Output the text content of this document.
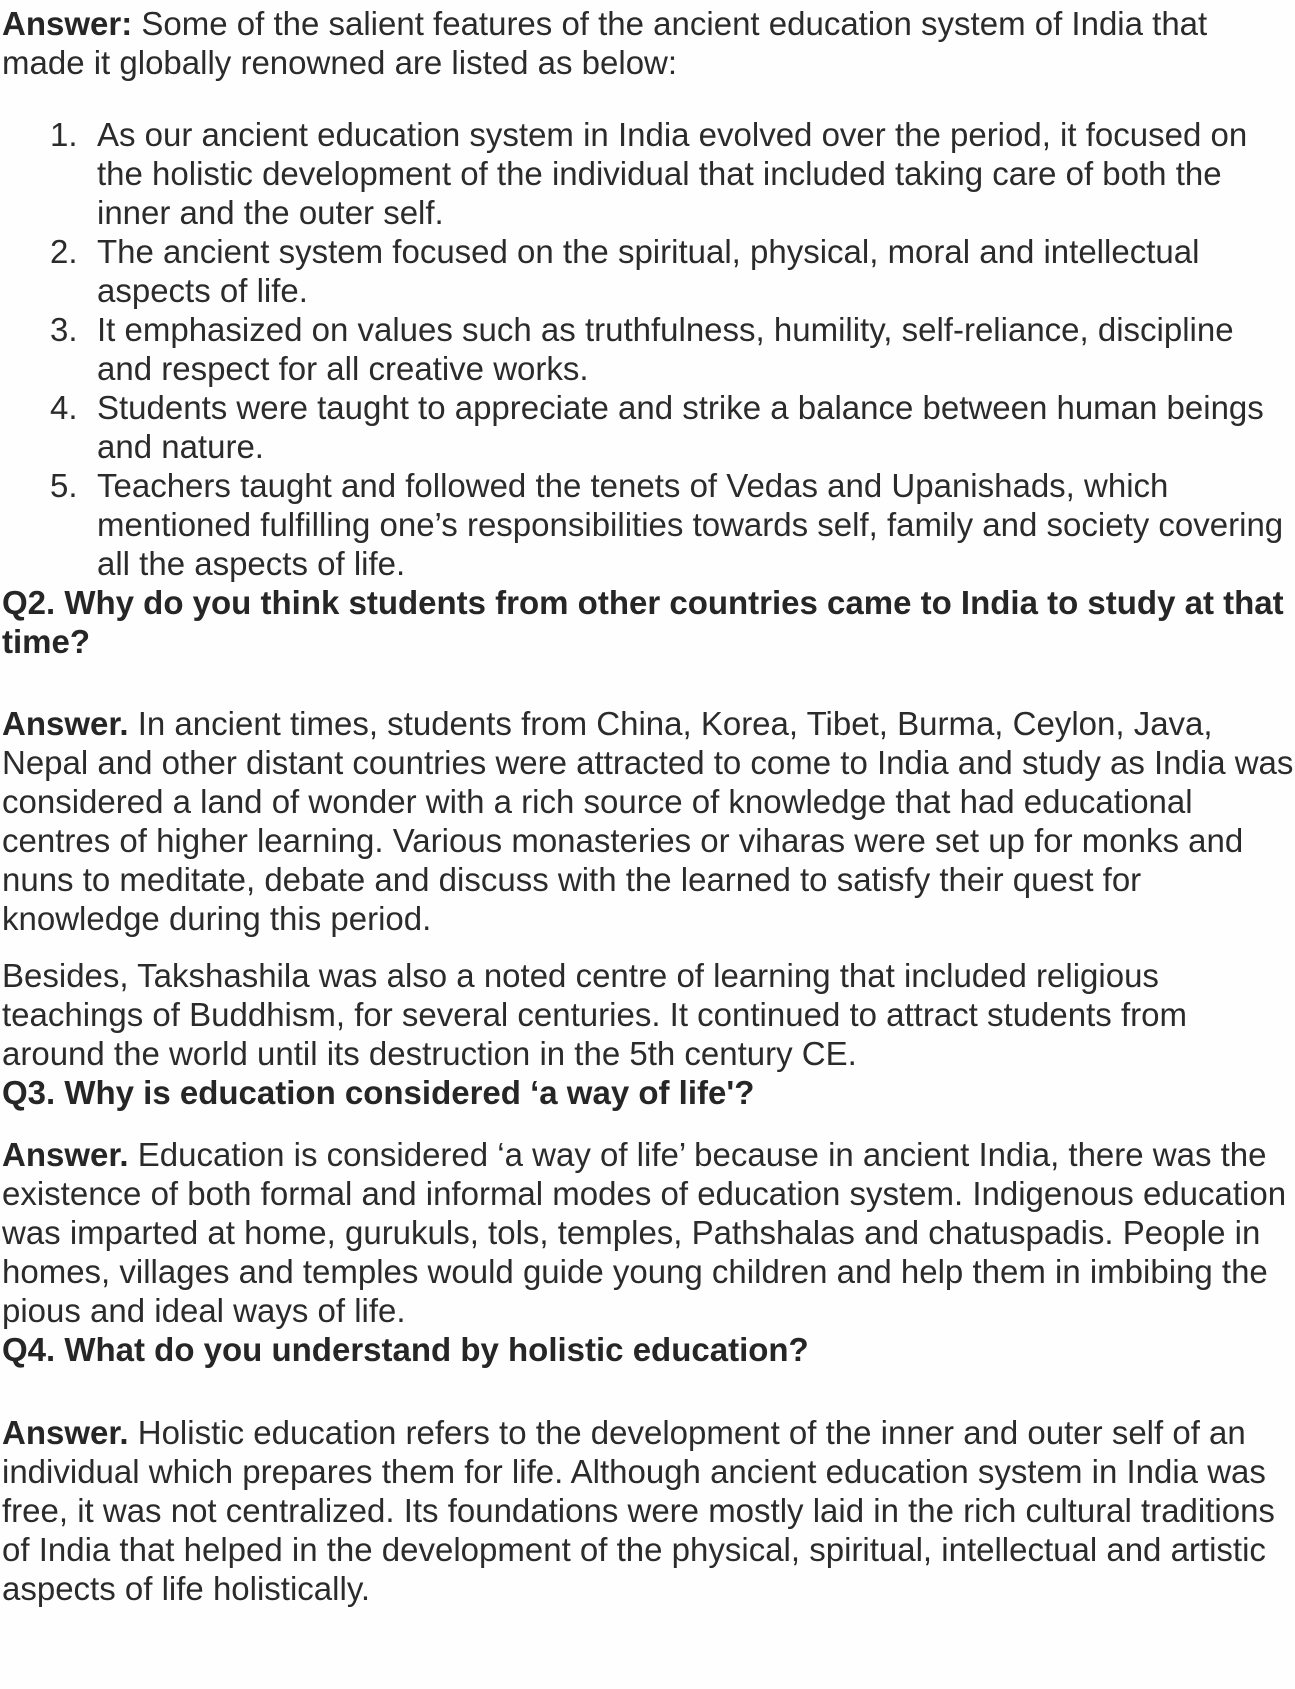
Answer: Some of the salient features of the ancient education system of India that made it globally renowned are listed as below:

1. As our ancient education system in India evolved over the period, it focused on the holistic development of the individual that included taking care of both the inner and the outer self.
2. The ancient system focused on the spiritual, physical, moral and intellectual aspects of life.
3. It emphasized on values such as truthfulness, humility, self-reliance, discipline and respect for all creative works.
4. Students were taught to appreciate and strike a balance between human beings and nature.
5. Teachers taught and followed the tenets of Vedas and Upanishads, which mentioned fulfilling one’s responsibilities towards self, family and society covering all the aspects of life.
Q2. Why do you think students from other countries came to India to study at that time?

Answer. In ancient times, students from China, Korea, Tibet, Burma, Ceylon, Java, Nepal and other distant countries were attracted to come to India and study as India was considered a land of wonder with a rich source of knowledge that had educational centres of higher learning. Various monasteries or viharas were set up for monks and nuns to meditate, debate and discuss with the learned to satisfy their quest for knowledge during this period.

Besides, Takshashila was also a noted centre of learning that included religious teachings of Buddhism, for several centuries. It continued to attract students from around the world until its destruction in the 5th century CE.

Q3. Why is education considered ‘a way of life'?

Answer. Education is considered ‘a way of life’ because in ancient India, there was the existence of both formal and informal modes of education system. Indigenous education was imparted at home, gurukuls, tols, temples, Pathshalas and chatuspadis. People in homes, villages and temples would guide young children and help them in imbibing the pious and ideal ways of life.

Q4. What do you understand by holistic education?

Answer. Holistic education refers to the development of the inner and outer self of an individual which prepares them for life. Although ancient education system in India was free, it was not centralized. Its foundations were mostly laid in the rich cultural traditions of India that helped in the development of the physical, spiritual, intellectual and artistic aspects of life holistically.
